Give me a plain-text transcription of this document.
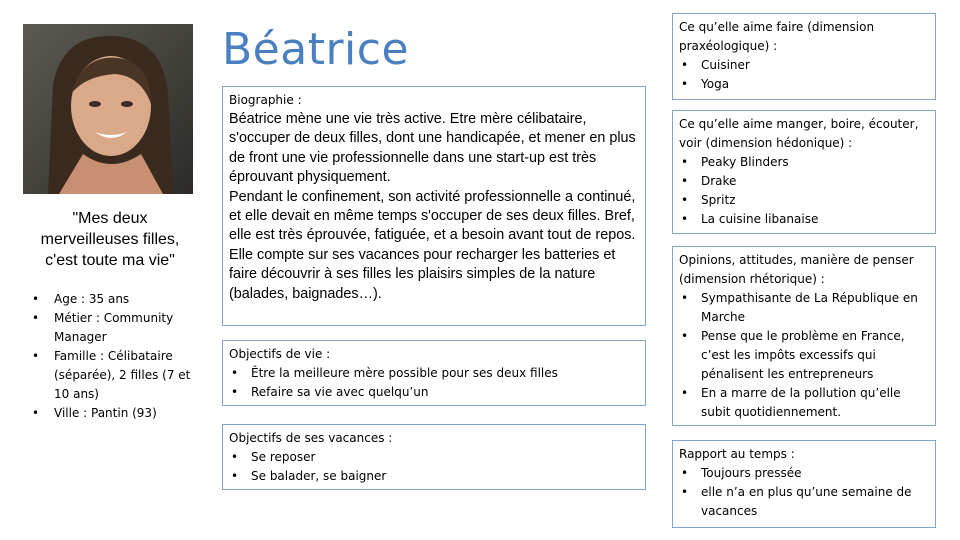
"Mes deux merveilleuses filles, c'est toute ma vie"
• Age : 35 ans
• Métier : Community Manager
• Famille : Célibataire (séparée), 2 filles (7 et 10 ans)
• Ville : Pantin (93)
Béatrice
Biographie :

Béatrice mène une vie très active. Etre mère célibataire, s'occuper de deux filles, dont une handicapée, et mener en plus de front une vie professionnelle dans une start-up est très éprouvant physiquement.

Pendant le confinement, son activité professionnelle a continué, et elle devait en même temps s'occuper de ses deux filles. Bref, elle est très éprouvée, fatiguée, et a besoin avant tout de repos.

Elle compte sur ses vacances pour recharger les batteries et faire découvrir à ses filles les plaisirs simples de la nature (balades, baignades…).

Objectifs de vie :
• Être la meilleure mère possible pour ses deux filles
• Refaire sa vie avec quelqu’un
Objectifs de ses vacances :
• Se reposer
• Se balader, se baigner
Ce qu’elle aime faire (dimension praxéologique) :
• Cuisiner
• Yoga
Ce qu’elle aime manger, boire, écouter, voir (dimension hédonique) :
• Peaky Blinders
• Drake
• Spritz
• La cuisine libanaise
Opinions, attitudes, manière de penser (dimension rhétorique) :
• Sympathisante de La République en Marche
• Pense que le problème en France, c’est les impôts excessifs qui pénalisent les entrepreneurs
• En a marre de la pollution qu’elle subit quotidiennement.
Rapport au temps :
• Toujours pressée
• elle n’a en plus qu’une semaine de vacances
